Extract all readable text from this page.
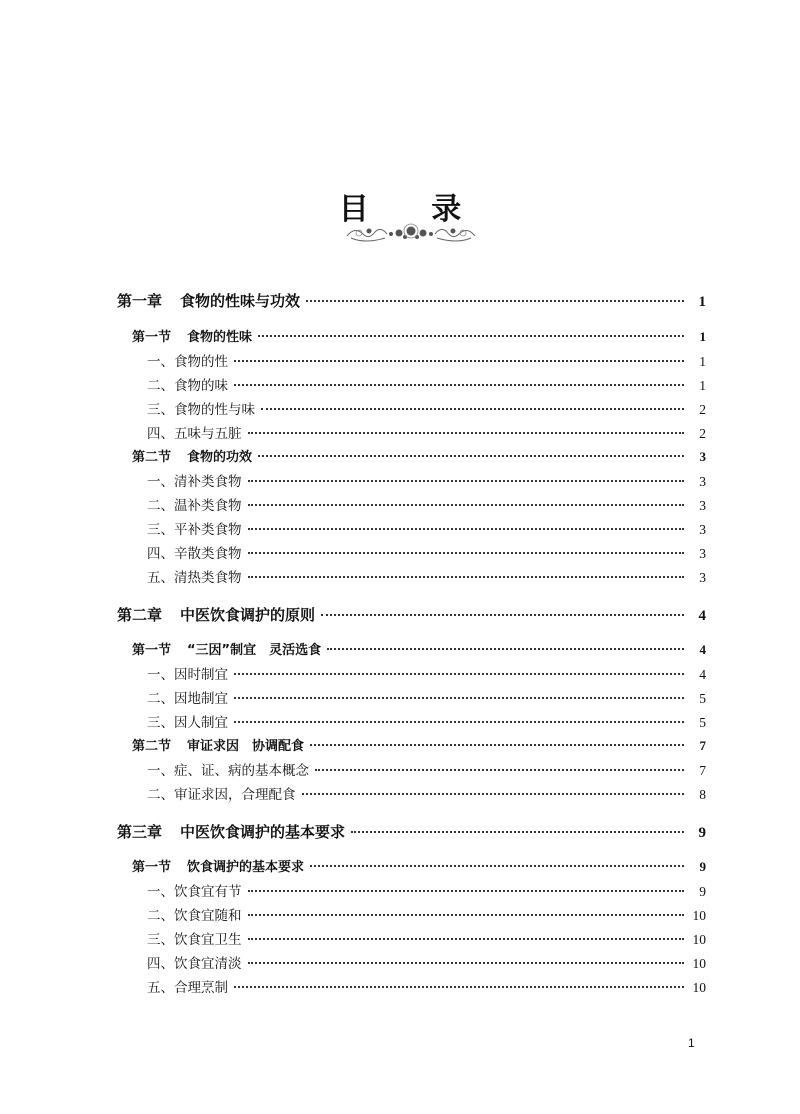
目 录
第一章 食物的性味与功效	1
第一节 食物的性味	1
一、食物的性	1
二、食物的味	1
三、食物的性与味	2
四、五味与五脏	2
第二节 食物的功效	3
一、清补类食物	3
二、温补类食物	3
三、平补类食物	3
四、辛散类食物	3
五、清热类食物	3
第二章 中医饮食调护的原则	4
第一节 “三因”制宜　灵活选食	4
一、因时制宜	4
二、因地制宜	5
三、因人制宜	5
第二节 审证求因　协调配食	7
一、症、证、病的基本概念	7
二、审证求因，合理配食	8
第三章 中医饮食调护的基本要求	9
第一节 饮食调护的基本要求	9
一、饮食宜有节	9
二、饮食宜随和	10
三、饮食宜卫生	10
四、饮食宜清淡	10
五、合理烹制	10
1
